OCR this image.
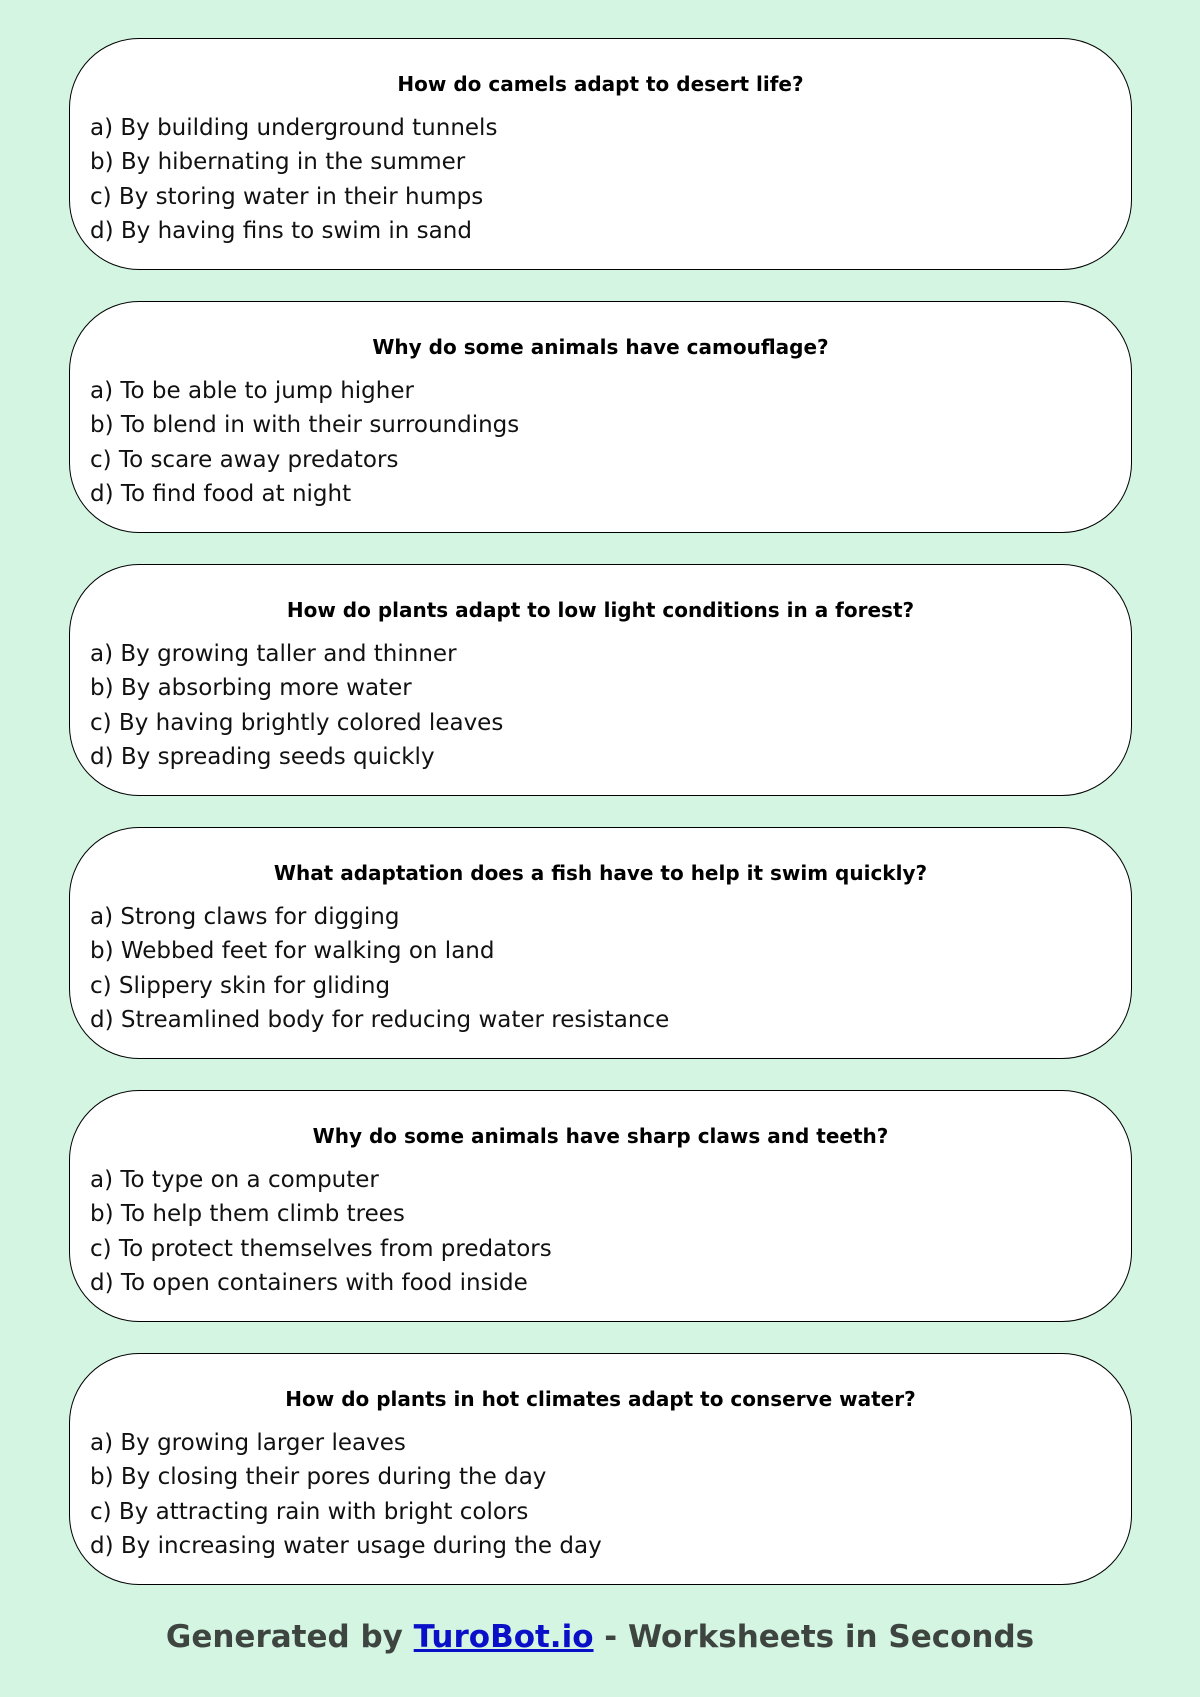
How do camels adapt to desert life?
a) By building underground tunnels
b) By hibernating in the summer
c) By storing water in their humps
d) By having fins to swim in sand
Why do some animals have camouflage?
a) To be able to jump higher
b) To blend in with their surroundings
c) To scare away predators
d) To find food at night
How do plants adapt to low light conditions in a forest?
a) By growing taller and thinner
b) By absorbing more water
c) By having brightly colored leaves
d) By spreading seeds quickly
What adaptation does a fish have to help it swim quickly?
a) Strong claws for digging
b) Webbed feet for walking on land
c) Slippery skin for gliding
d) Streamlined body for reducing water resistance
Why do some animals have sharp claws and teeth?
a) To type on a computer
b) To help them climb trees
c) To protect themselves from predators
d) To open containers with food inside
How do plants in hot climates adapt to conserve water?
a) By growing larger leaves
b) By closing their pores during the day
c) By attracting rain with bright colors
d) By increasing water usage during the day
Generated by TuroBot.io - Worksheets in Seconds
